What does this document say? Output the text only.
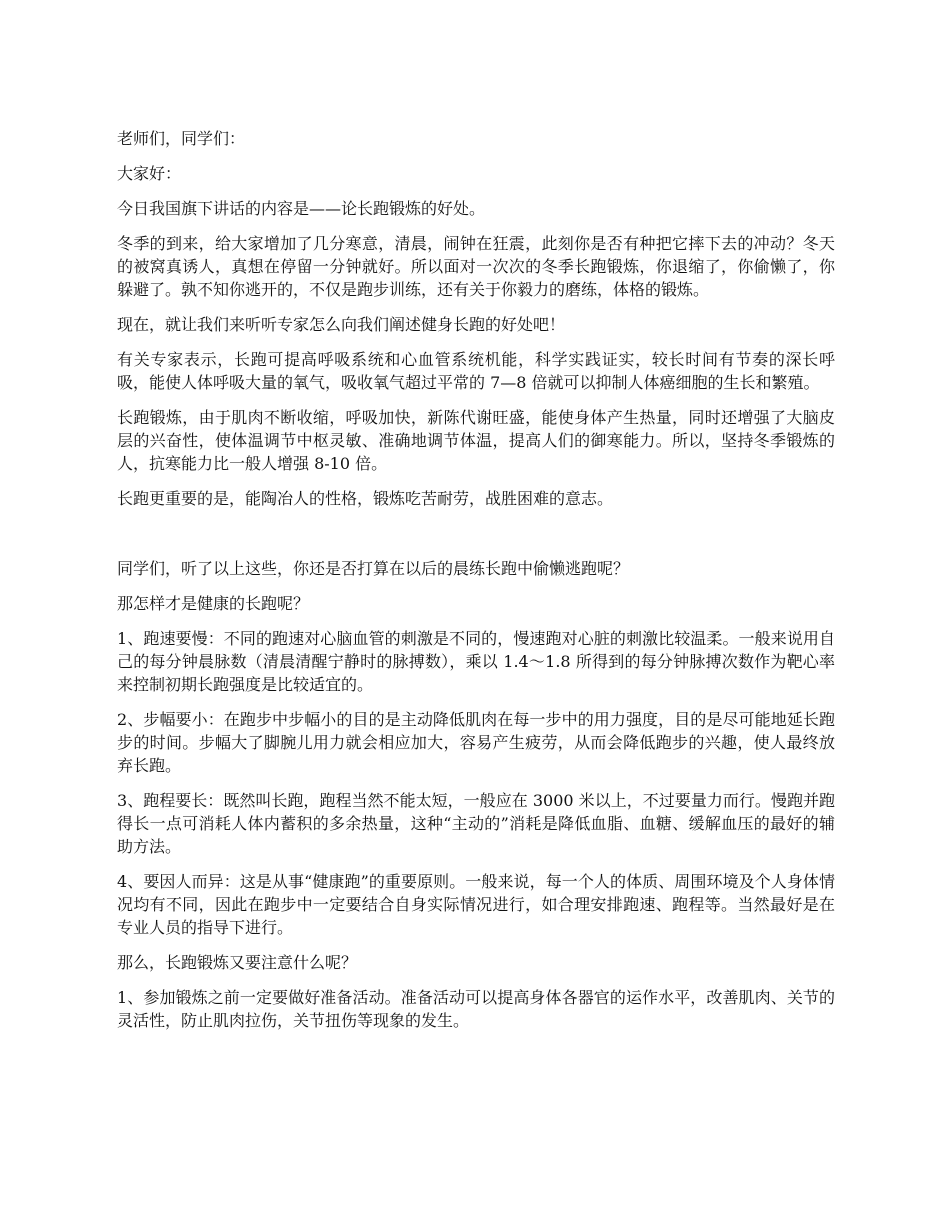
老师们，同学们：

大家好：

今日我国旗下讲话的内容是——论长跑锻炼的好处。

冬季的到来，给大家增加了几分寒意，清晨，闹钟在狂震，此刻你是否有种把它摔下去的冲动？冬天的被窝真诱人，真想在停留一分钟就好。所以面对一次次的冬季长跑锻炼，你退缩了，你偷懒了，你躲避了。孰不知你逃开的，不仅是跑步训练，还有关于你毅力的磨练，体格的锻炼。

现在，就让我们来听听专家怎么向我们阐述健身长跑的好处吧！

有关专家表示，长跑可提高呼吸系统和心血管系统机能，科学实践证实，较长时间有节奏的深长呼吸，能使人体呼吸大量的氧气，吸收氧气超过平常的 7—8 倍就可以抑制人体癌细胞的生长和繁殖。

长跑锻炼，由于肌肉不断收缩，呼吸加快，新陈代谢旺盛，能使身体产生热量，同时还增强了大脑皮层的兴奋性，使体温调节中枢灵敏、准确地调节体温，提高人们的御寒能力。所以，坚持冬季锻炼的人，抗寒能力比一般人增强 8-10 倍。

长跑更重要的是，能陶冶人的性格，锻炼吃苦耐劳，战胜困难的意志。

同学们，听了以上这些，你还是否打算在以后的晨练长跑中偷懒逃跑呢？

那怎样才是健康的长跑呢？

1、跑速要慢：不同的跑速对心脑血管的刺激是不同的，慢速跑对心脏的刺激比较温柔。一般来说用自己的每分钟晨脉数（清晨清醒宁静时的脉搏数），乘以 1.4～1.8 所得到的每分钟脉搏次数作为靶心率来控制初期长跑强度是比较适宜的。

2、步幅要小：在跑步中步幅小的目的是主动降低肌肉在每一步中的用力强度，目的是尽可能地延长跑步的时间。步幅大了脚腕儿用力就会相应加大，容易产生疲劳，从而会降低跑步的兴趣，使人最终放弃长跑。

3、跑程要长：既然叫长跑，跑程当然不能太短，一般应在 3000 米以上，不过要量力而行。慢跑并跑得长一点可消耗人体内蓄积的多余热量，这种“主动的”消耗是降低血脂、血糖、缓解血压的最好的辅助方法。

4、要因人而异：这是从事“健康跑”的重要原则。一般来说，每一个人的体质、周围环境及个人身体情况均有不同，因此在跑步中一定要结合自身实际情况进行，如合理安排跑速、跑程等。当然最好是在专业人员的指导下进行。

那么，长跑锻炼又要注意什么呢？

1、参加锻炼之前一定要做好准备活动。准备活动可以提高身体各器官的运作水平，改善肌肉、关节的灵活性，防止肌肉拉伤，关节扭伤等现象的发生。
